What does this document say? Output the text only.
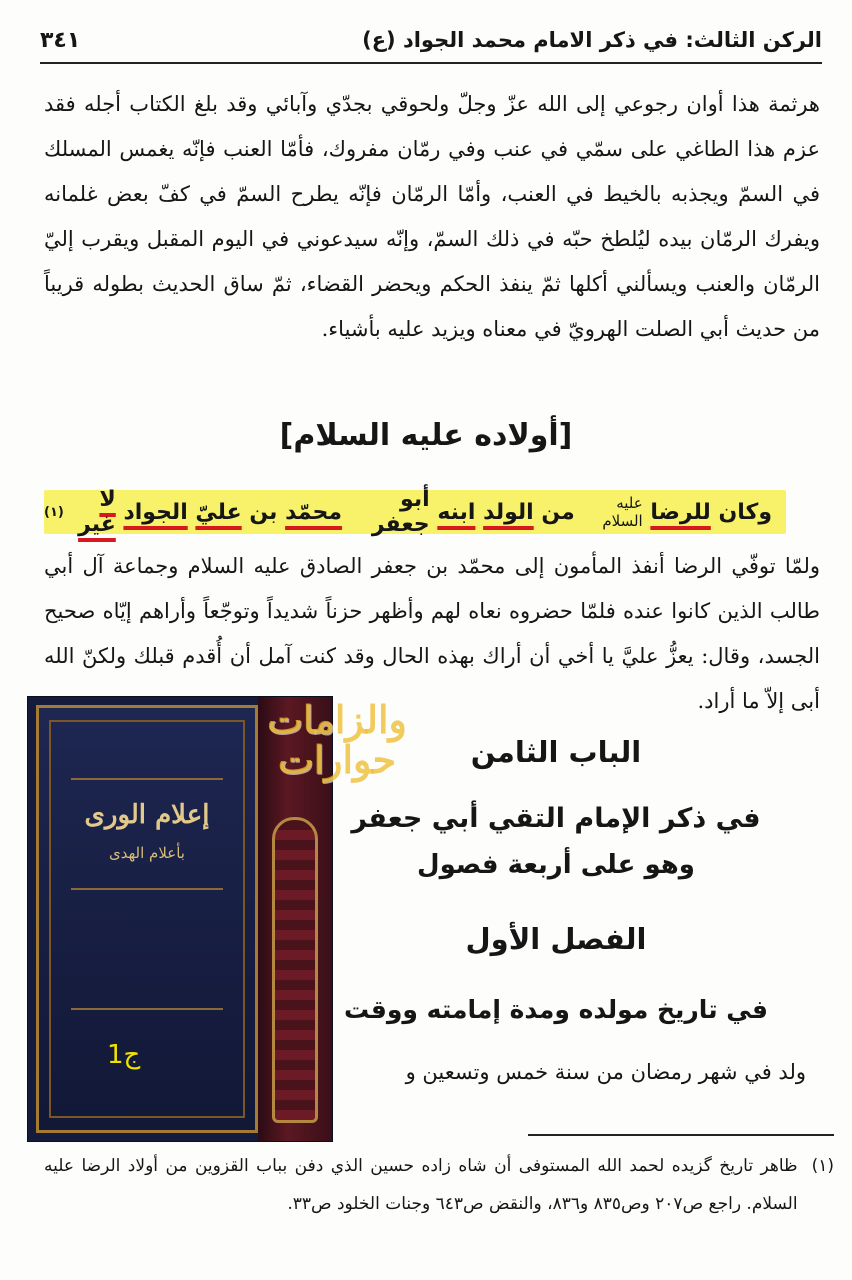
الركن الثالث: في ذكر الامام محمد الجواد (ع)
٣٤١
هرثمة هذا أوان رجوعي إلى الله عزّ وجلّ ولحوقي بجدّي وآبائي وقد بلغ الكتاب أجله فقد عزم هذا الطاغي على سمّي في عنب وفي رمّان مفروك، فأمّا العنب فإنّه يغمس المسلك في السمّ ويجذبه بالخيط في العنب، وأمّا الرمّان فإنّه يطرح السمّ في كفّ بعض غلمانه ويفرك الرمّان بيده ليُلطخ حبّه في ذلك السمّ، وإنّه سيدعوني في اليوم المقبل ويقرب إليّ الرمّان والعنب ويسألني أكلها ثمّ ينفذ الحكم ويحضر القضاء، ثمّ ساق الحديث بطوله قريباً من حديث أبي الصلت الهرويّ في معناه ويزيد عليه بأشياء.
[أولاده عليه السلام]
وكان

للرضا

عليه السلام

من

الولد

ابنه

أبو جعفر

محمّد

بن

عليّ

الجواد

لا غير
(١)
ولمّا توفّي الرضا أنفذ المأمون إلى محمّد بن جعفر الصادق عليه السلام وجماعة آل أبي طالب الذين كانوا عنده فلمّا حضروه نعاه لهم وأظهر حزناً شديداً وتوجّعاً وأراهم إيّاه صحيح الجسد، وقال: يعزُّ عليَّ يا أخي أن أراك بهذه الحال وقد كنت آمل أن أُقدم قبلك ولكنّ الله أبى إلاّ ما أراد.
الباب الثامن
في ذكر الإمام التقي أبي جعفر
وهو على أربعة فصول
الفصل الأول
في تاريخ مولده ومدة إمامته ووقت
ولد في شهر رمضان من سنة خمس وتسعين و
(١)
ظاهر تاريخ گزيده لحمد الله المستوفى أن شاه زاده حسين الذي دفن بباب القزوين من أولاد الرضا عليه السلام. راجع ص٢٠٧ وص٨٣٥ و٨٣٦، والنقض ص٦٤٣ وجنات الخلود ص٣٣.
إعلام الورى
بأعلام الهدى
ج1
والزامات
حوارات
